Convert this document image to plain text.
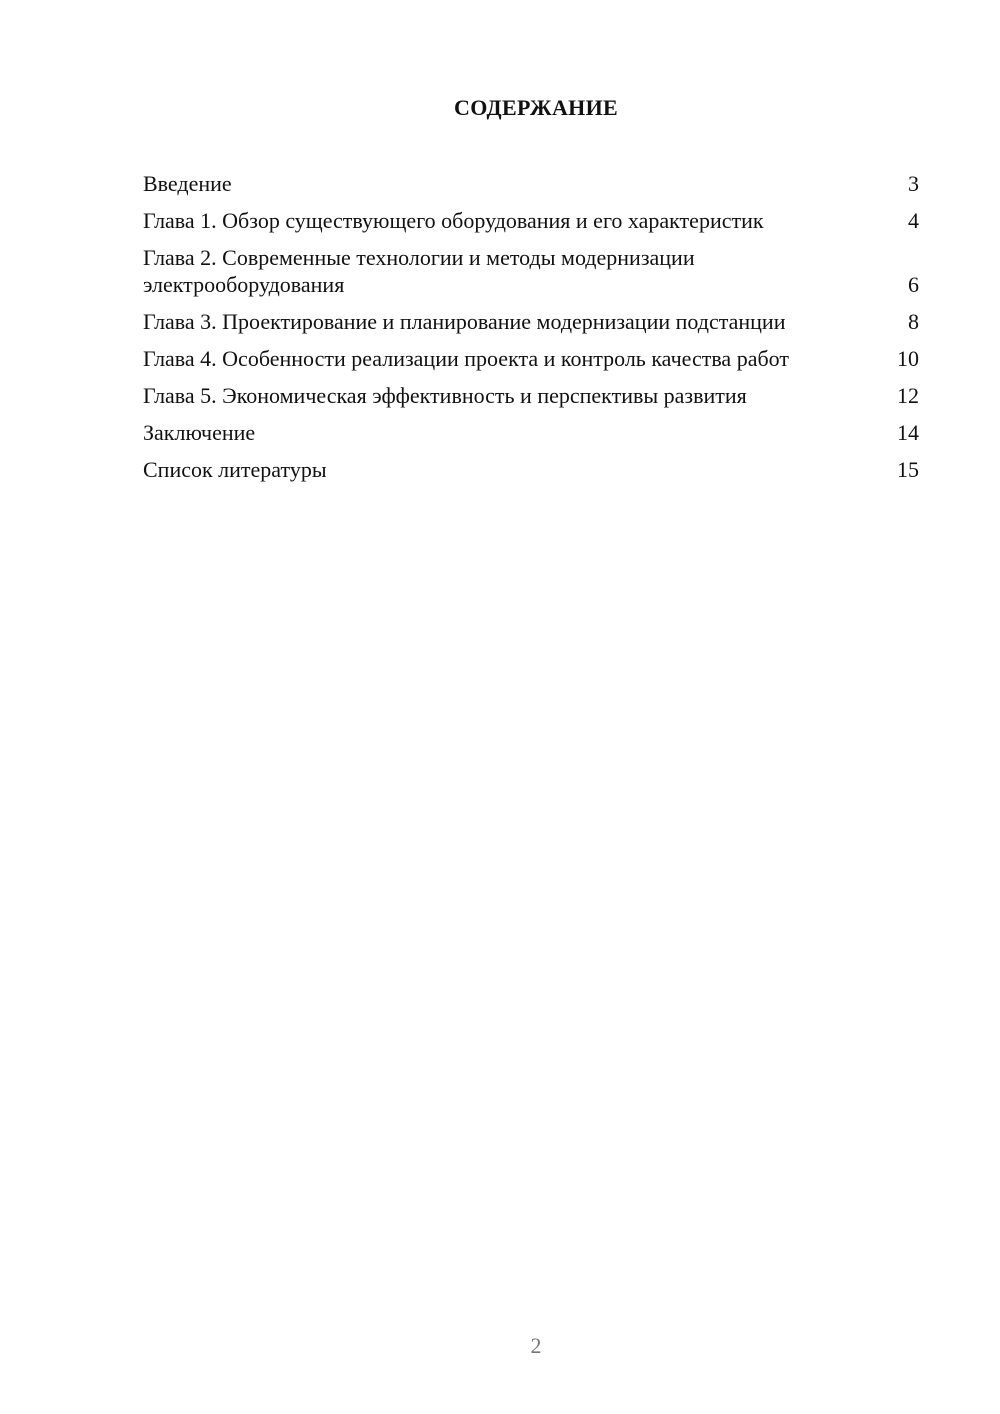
СОДЕРЖАНИЕ
Введение	3
Глава 1. Обзор существующего оборудования и его характеристик	4
Глава 2. Современные технологии и методы модернизации электрооборудования	6
Глава 3. Проектирование и планирование модернизации подстанции	8
Глава 4. Особенности реализации проекта и контроль качества работ	10
Глава 5. Экономическая эффективность и перспективы развития	12
Заключение	14
Список литературы	15
2
